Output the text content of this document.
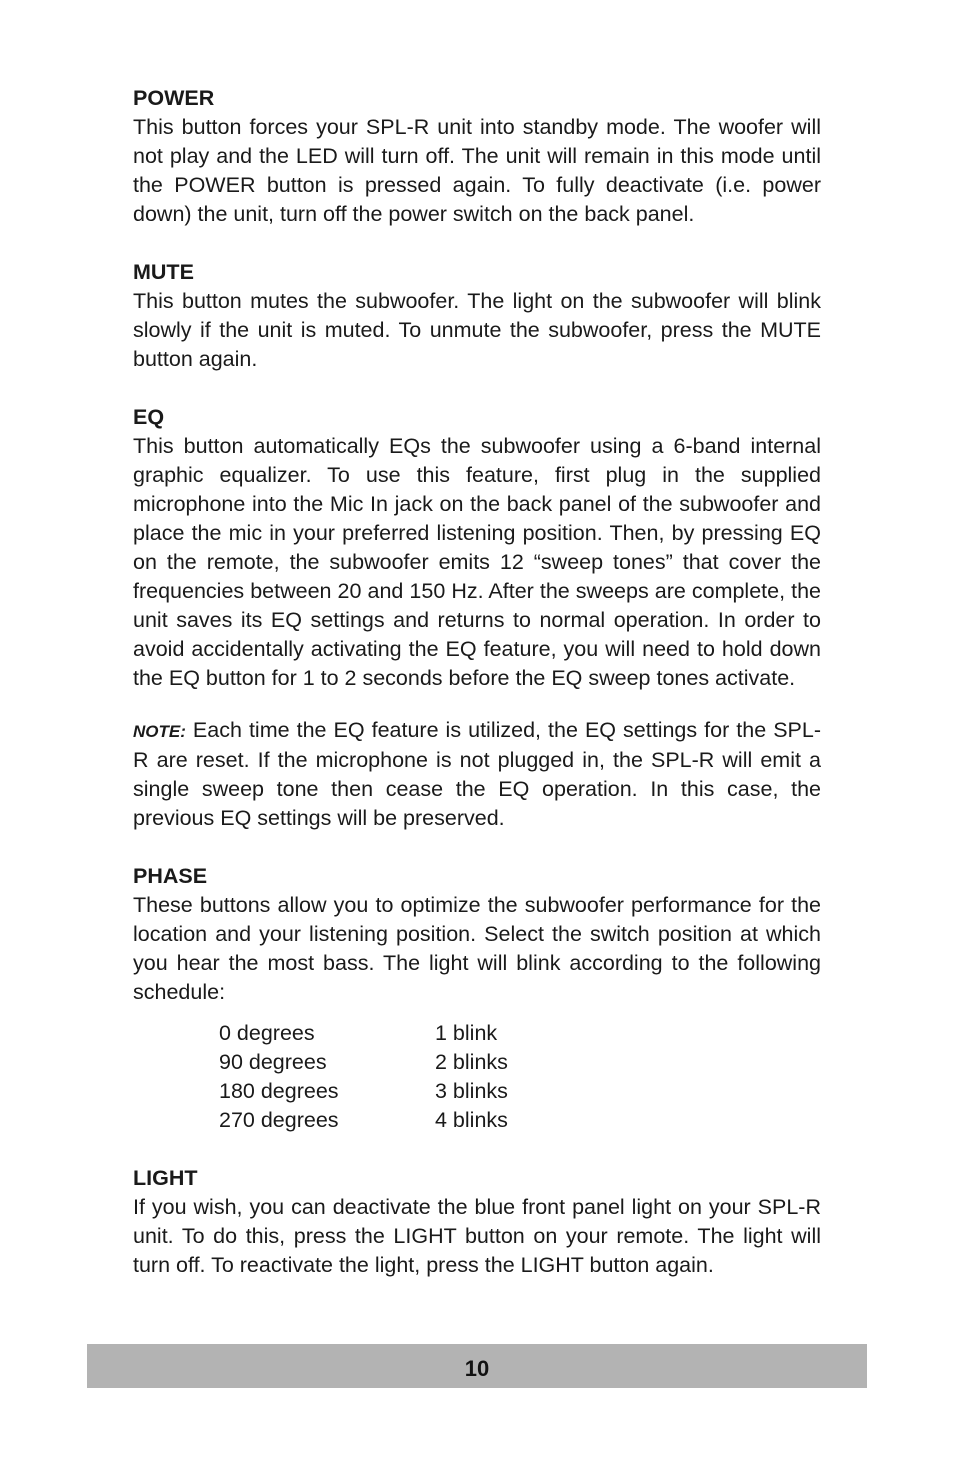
POWER

This button forces your SPL-R unit into standby mode. The woofer will not play and the LED will turn off. The unit will remain in this mode until the POWER button is pressed again. To fully deactivate (i.e. power down) the unit, turn off the power switch on the back panel.

MUTE

This button mutes the subwoofer. The light on the subwoofer will blink slowly if the unit is muted. To unmute the subwoofer, press the MUTE button again.

EQ

This button automatically EQs the subwoofer using a 6-band internal graphic equalizer. To use this feature, first plug in the supplied microphone into the Mic In jack on the back panel of the subwoofer and place the mic in your preferred listening position. Then, by pressing EQ on the remote, the subwoofer emits 12 “sweep tones” that cover the frequencies between 20 and 150 Hz. After the sweeps are complete, the unit saves its EQ settings and returns to normal operation. In order to avoid accidentally activating the EQ feature, you will need to hold down the EQ button for 1 to 2 seconds before the EQ sweep tones activate.

NOTE: Each time the EQ feature is utilized, the EQ settings for the SPL-R are reset. If the microphone is not plugged in, the SPL-R will emit a single sweep tone then cease the EQ operation. In this case, the previous EQ settings will be preserved.

PHASE

These buttons allow you to optimize the subwoofer performance for the location and your listening position. Select the switch position at which you hear the most bass. The light will blink according to the following schedule:

0 degrees	1 blink
90 degrees	2 blinks
180 degrees	3 blinks
270 degrees	4 blinks
LIGHT

If you wish, you can deactivate the blue front panel light on your SPL-R unit. To do this, press the LIGHT button on your remote. The light will turn off. To reactivate the light, press the LIGHT button again.

10
